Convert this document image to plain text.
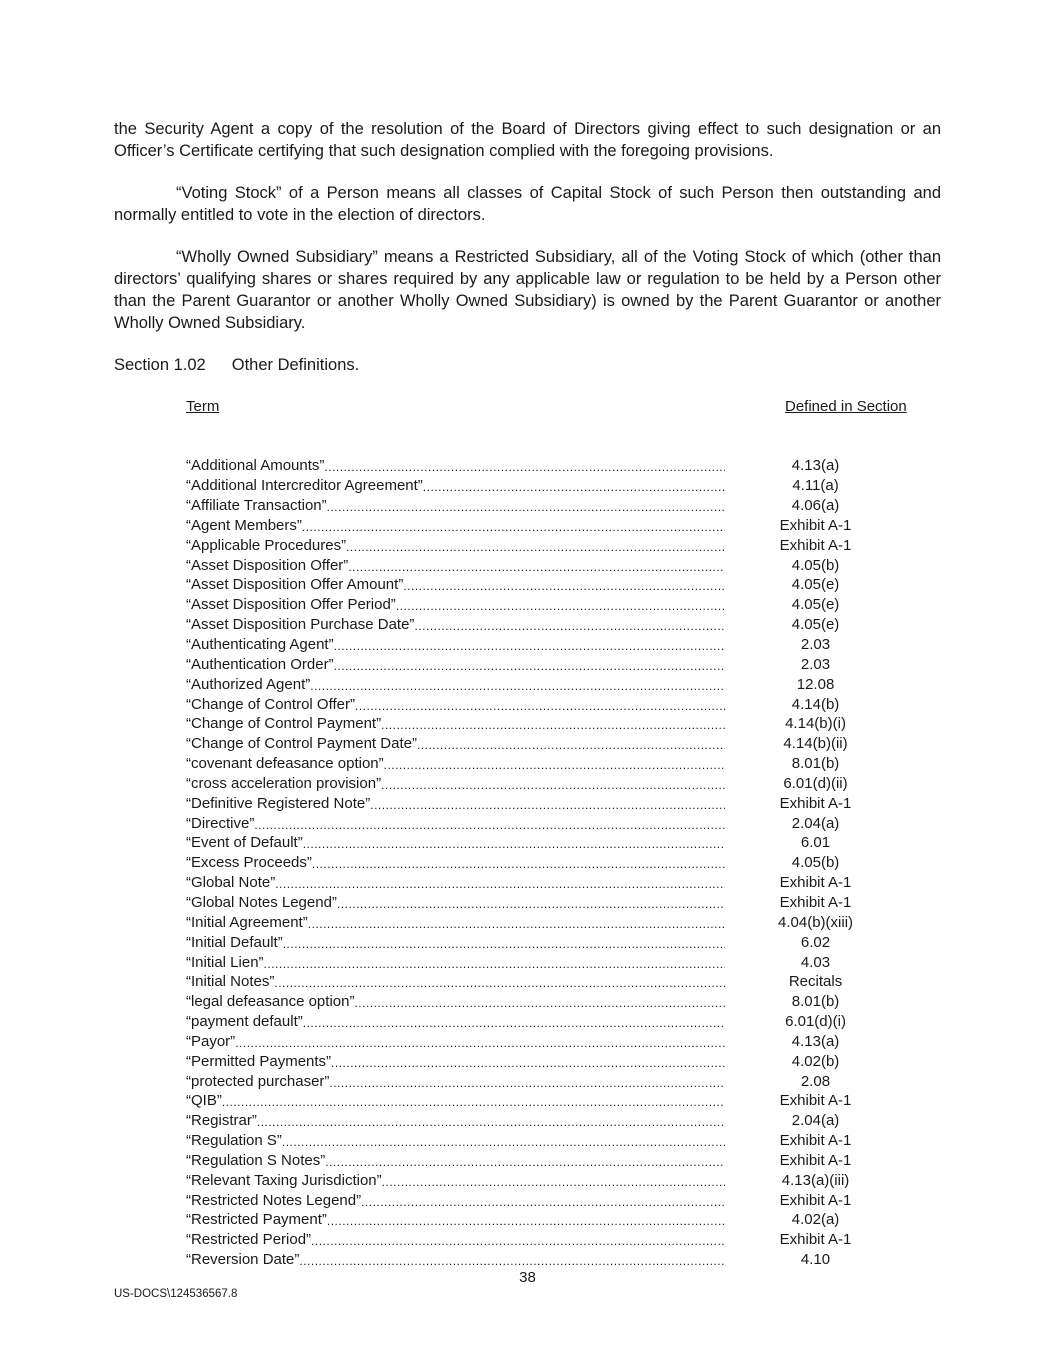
the Security Agent a copy of the resolution of the Board of Directors giving effect to such designation or an Officer’s Certificate certifying that such designation complied with the foregoing provisions.

“Voting Stock” of a Person means all classes of Capital Stock of such Person then outstanding and normally entitled to vote in the election of directors.

“Wholly Owned Subsidiary” means a Restricted Subsidiary, all of the Voting Stock of which (other than directors’ qualifying shares or shares required by any applicable law or regulation to be held by a Person other than the Parent Guarantor or another Wholly Owned Subsidiary) is owned by the Parent Guarantor or another Wholly Owned Subsidiary.

Section 1.02 Other Definitions.
Term	Defined in Section
“Additional Amounts” .....	4.13(a)
“Additional Intercreditor Agreement” .....	4.11(a)
“Affiliate Transaction” .....	4.06(a)
“Agent Members” .....	Exhibit A-1
“Applicable Procedures” .....	Exhibit A-1
“Asset Disposition Offer” .....	4.05(b)
“Asset Disposition Offer Amount” .....	4.05(e)
“Asset Disposition Offer Period” .....	4.05(e)
“Asset Disposition Purchase Date” .....	4.05(e)
“Authenticating Agent” .....	2.03
“Authentication Order” .....	2.03
“Authorized Agent” .....	12.08
“Change of Control Offer” .....	4.14(b)
“Change of Control Payment” .....	4.14(b)(i)
“Change of Control Payment Date” .....	4.14(b)(ii)
“covenant defeasance option” .....	8.01(b)
“cross acceleration provision” .....	6.01(d)(ii)
“Definitive Registered Note” .....	Exhibit A-1
“Directive” .....	2.04(a)
“Event of Default” .....	6.01
“Excess Proceeds” .....	4.05(b)
“Global Note” .....	Exhibit A-1
“Global Notes Legend” .....	Exhibit A-1
“Initial Agreement” .....	4.04(b)(xiii)
“Initial Default” .....	6.02
“Initial Lien” .....	4.03
“Initial Notes” .....	Recitals
“legal defeasance option” .....	8.01(b)
“payment default” .....	6.01(d)(i)
“Payor” .....	4.13(a)
“Permitted Payments” .....	4.02(b)
“protected purchaser” .....	2.08
“QIB” .....	Exhibit A-1
“Registrar” .....	2.04(a)
“Regulation S” .....	Exhibit A-1
“Regulation S Notes” .....	Exhibit A-1
“Relevant Taxing Jurisdiction” .....	4.13(a)(iii)
“Restricted Notes Legend” .....	Exhibit A-1
“Restricted Payment” .....	4.02(a)
“Restricted Period” .....	Exhibit A-1
“Reversion Date” .....	4.10
38
US-DOCS\124536567.8
